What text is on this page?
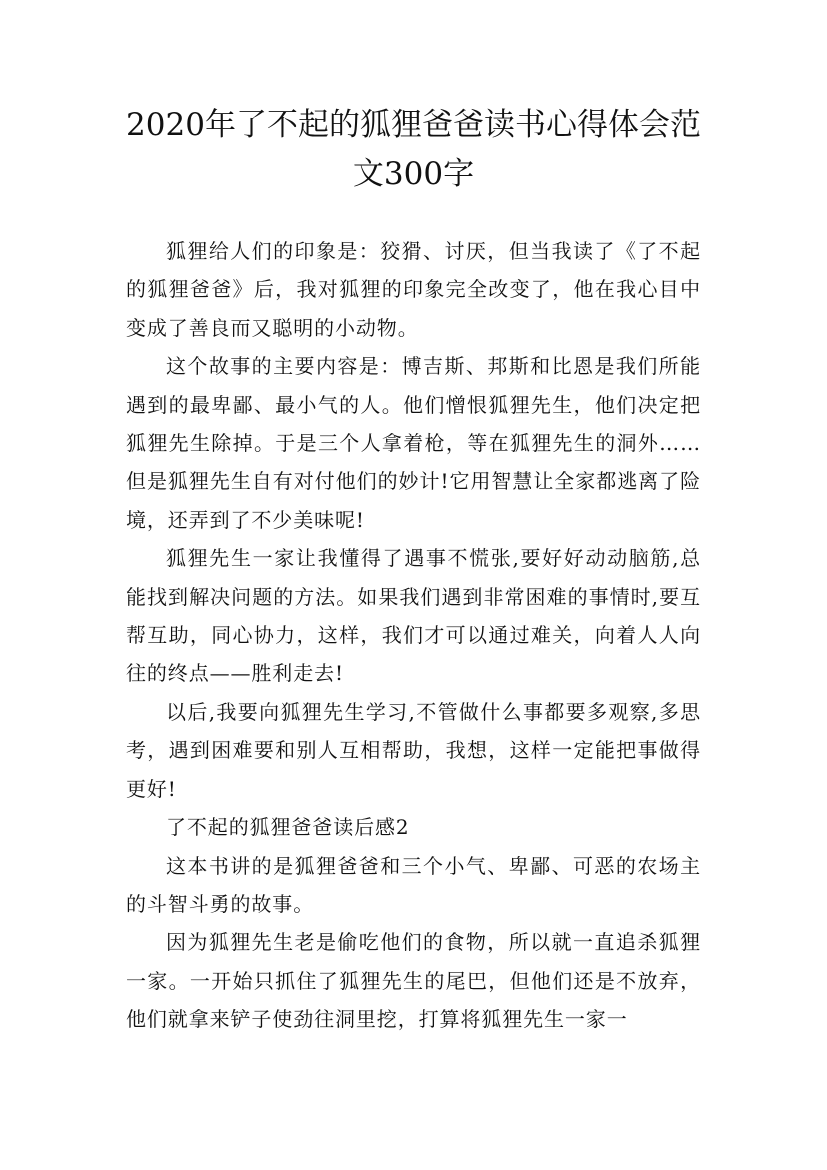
2020年了不起的狐狸爸爸读书心得体会范
文300字

狐狸给人们的印象是：狡猾、讨厌，但当我读了《了不起的狐狸爸爸》后，我对狐狸的印象完全改变了，他在我心目中变成了善良而又聪明的小动物。

这个故事的主要内容是：博吉斯、邦斯和比恩是我们所能遇到的最卑鄙、最小气的人。他们憎恨狐狸先生，他们决定把狐狸先生除掉。于是三个人拿着枪，等在狐狸先生的洞外……但是狐狸先生自有对付他们的妙计!它用智慧让全家都逃离了险境，还弄到了不少美味呢!

狐狸先生一家让我懂得了遇事不慌张,要好好动动脑筋,总能找到解决问题的方法。如果我们遇到非常困难的事情时,要互帮互助，同心协力，这样，我们才可以通过难关，向着人人向往的终点——胜利走去!

以后,我要向狐狸先生学习,不管做什么事都要多观察,多思考，遇到困难要和别人互相帮助，我想，这样一定能把事做得更好!

了不起的狐狸爸爸读后感2

这本书讲的是狐狸爸爸和三个小气、卑鄙、可恶的农场主的斗智斗勇的故事。

因为狐狸先生老是偷吃他们的食物，所以就一直追杀狐狸一家。一开始只抓住了狐狸先生的尾巴，但他们还是不放弃，他们就拿来铲子使劲往洞里挖，打算将狐狸先生一家一
